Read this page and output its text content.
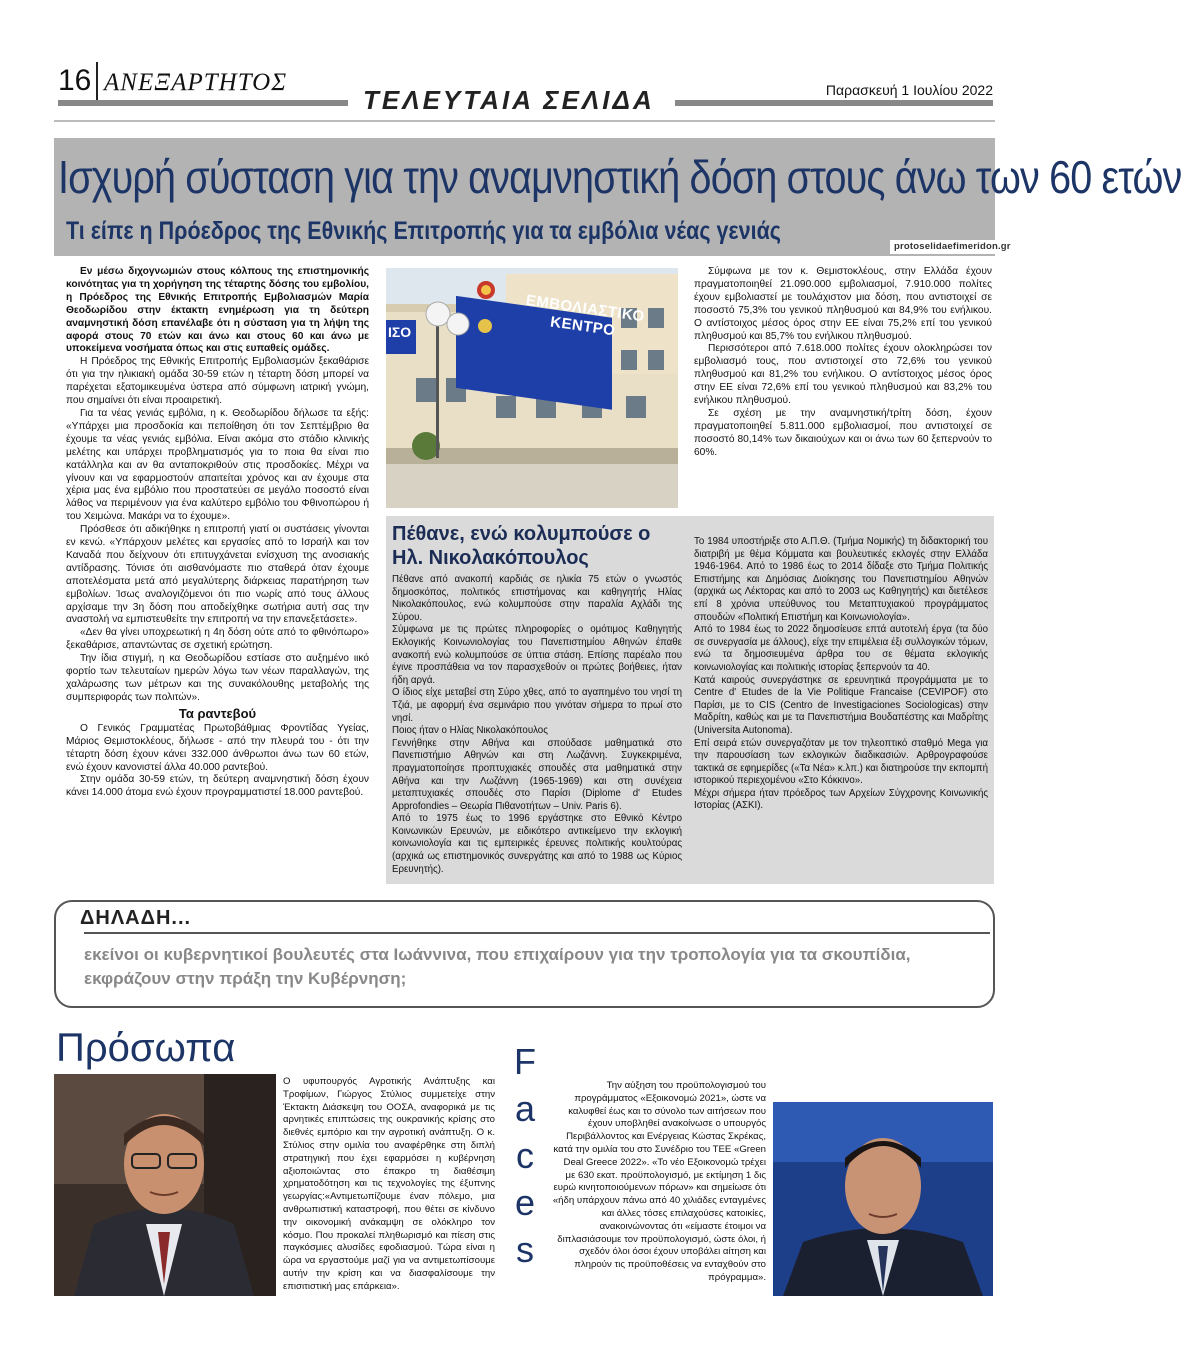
16 ΑΝΕΞΑΡΤΗΤΟΣ
ΤΕΛΕΥΤΑΙΑ ΣΕΛΙΔΑ	Παρασκευή 1 Ιουλίου 2022
Ισχυρή σύσταση για την αναμνηστική δόση στους άνω των 60 ετών
Τι είπε η Πρόεδρος της Εθνικής Επιτροπής για τα εμβόλια νέας γενιάς
protoselidaefimeridon.gr

Εν μέσω διχογνωμιών στους κόλπους της επιστημονικής κοινότητας για τη χορήγηση της τέταρτης δόσης του εμβολίου, η Πρόεδρος της Εθνικής Επιτροπής Εμβολιασμών Μαρία Θεοδωρίδου στην έκτακτη ενημέρωση για τη δεύτερη αναμνηστική δόση επανέλαβε ότι η σύσταση για τη λήψη της αφορά στους 70 ετών και άνω και στους 60 και άνω με υποκείμενα νοσήματα όπως και στις ευπαθείς ομάδες.

Η Πρόεδρος της Εθνικής Επιτροπής Εμβολιασμών ξεκαθάρισε ότι για την ηλικιακή ομάδα 30-59 ετών η τέταρτη δόση μπορεί να παρέχεται εξατομικευμένα ύστερα από σύμφωνη ιατρική γνώμη, που σημαίνει ότι είναι προαιρετική.

Για τα νέας γενιάς εμβόλια, η κ. Θεοδωρίδου δήλωσε τα εξής: «Υπάρχει μια προσδοκία και πεποίθηση ότι τον Σεπτέμβριο θα έχουμε τα νέας γενιάς εμβόλια. Είναι ακόμα στο στάδιο κλινικής μελέτης και υπάρχει προβληματισμός για το ποια θα είναι πιο κατάλληλα και αν θα ανταποκριθούν στις προσδοκίες. Μέχρι να γίνουν και να εφαρμοστούν απαιτείται χρόνος και αν έχουμε στα χέρια μας ένα εμβόλιο που προστατεύει σε μεγάλο ποσοστό είναι λάθος να περιμένουν για ένα καλύτερο εμβόλιο του Φθινοπώρου ή του Χειμώνα. Μακάρι να το έχουμε».

Πρόσθεσε ότι αδικήθηκε η επιτροπή γιατί οι συστάσεις γίνονται εν κενώ. «Υπάρχουν μελέτες και εργασίες από το Ισραήλ και τον Καναδά που δείχνουν ότι επιτυγχάνεται ενίσχυση της ανοσιακής αντίδρασης. Τόνισε ότι αισθανόμαστε πιο σταθερά όταν έχουμε αποτελέσματα μετά από μεγαλύτερης διάρκειας παρατήρηση των εμβολίων. Ίσως αναλογιζόμενοι ότι πιο νωρίς από τους άλλους αρχίσαμε την 3η δόση που αποδείχθηκε σωτήρια αυτή σας την αναστολή να εμπιστευθείτε την επιτροπή να την επανεξετάσετε».

«Δεν θα γίνει υποχρεωτική η 4η δόση ούτε από το φθινόπωρο» ξεκαθάρισε, απαντώντας σε σχετική ερώτηση.

Την ίδια στιγμή, η κα Θεοδωρίδου εστίασε στο αυξημένο ιικό φορτίο των τελευταίων ημερών λόγω των νέων παραλλαγών, της χαλάρωσης των μέτρων και της συνακόλουθης μεταβολής της συμπεριφοράς των πολιτών».

Τα ραντεβού

Ο Γενικός Γραμματέας Πρωτοβάθμιας Φροντίδας Υγείας, Μάριος Θεμιστοκλέους, δήλωσε - από την πλευρά του - ότι την τέταρτη δόση έχουν κάνει 332.000 άνθρωποι άνω των 60 ετών, ενώ έχουν κανονιστεί άλλα 40.000 ραντεβού.

Στην ομάδα 30-59 ετών, τη δεύτερη αναμνηστική δόση έχουν κάνει 14.000 άτομα ενώ έχουν προγραμματιστεί 18.000 ραντεβού.

ΕΜΒΟΛΙΑΣΤΙΚΟ ΚΕΝΤΡΟ
ΙΣΟ

Σύμφωνα με τον κ. Θεμιστοκλέους, στην Ελλάδα έχουν πραγματοποιηθεί 21.090.000 εμβολιασμοί, 7.910.000 πολίτες έχουν εμβολιαστεί με τουλάχιστον μια δόση, που αντιστοιχεί σε ποσοστό 75,3% του γενικού πληθυσμού και 84,9% του ενήλικου. Ο αντίστοιχος μέσος όρος στην ΕΕ είναι 75,2% επί του γενικού πληθυσμού και 85,7% του ενήλικου πληθυσμού.

Περισσότεροι από 7.618.000 πολίτες έχουν ολοκληρώσει τον εμβολιασμό τους, που αντιστοιχεί στο 72,6% του γενικού πληθυσμού και 81,2% του ενήλικου. Ο αντίστοιχος μέσος όρος στην ΕΕ είναι 72,6% επί του γενικού πληθυσμού και 83,2% του ενήλικου πληθυσμού.

Σε σχέση με την αναμνηστική/τρίτη δόση, έχουν πραγματοποιηθεί 5.811.000 εμβολιασμοί, που αντιστοιχεί σε ποσοστό 80,14% των δικαιούχων και οι άνω των 60 ξεπερνούν το 60%.

Πέθανε, ενώ κολυμπούσε ο Ηλ. Νικολακόπουλος

Πέθανε από ανακοπή καρδιάς σε ηλικία 75 ετών ο γνωστός δημοσκόπος, πολιτικός επιστήμονας και καθηγητής Ηλίας Νικολακόπουλος, ενώ κολυμπούσε στην παραλία Αχλάδι της Σύρου.

Σύμφωνα με τις πρώτες πληροφορίες ο ομότιμος Καθηγητής Εκλογικής Κοινωνιολογίας του Πανεπιστημίου Αθηνών έπαθε ανακοπή ενώ κολυμπούσε σε ύπτια στάση. Επίσης παρέαλο που έγινε προσπάθεια να τον παρασχεθούν οι πρώτες βοήθειες, ήταν ήδη αργά.

Ο ίδιος είχε μεταβεί στη Σύρο χθες, από το αγαπημένο του νησί τη Τζιά, με αφορμή ένα σεμινάριο που γινόταν σήμερα το πρωί στο νησί.

Ποιος ήταν ο Ηλίας Νικολακόπουλος

Γεννήθηκε στην Αθήνα και σπούδασε μαθηματικά στο Πανεπιστήμιο Αθηνών και στη Λωζάννη. Συγκεκριμένα, πραγματοποίησε προπτυχιακές σπουδές στα μαθηματικά στην Αθήνα και την Λωζάννη (1965-1969) και στη συνέχεια μεταπτυχιακές σπουδές στο Παρίσι (Diplome d' Etudes Approfondies – Θεωρία Πιθανοτήτων – Univ. Paris 6).

Από το 1975 έως το 1996 εργάστηκε στο Εθνικό Κέντρο Κοινωνικών Ερευνών, με ειδικότερο αντικείμενο την εκλογική κοινωνιολογία και τις εμπειρικές έρευνες πολιτικής κουλτούρας (αρχικά ως επιστημονικός συνεργάτης και από το 1988 ως Κύριος Ερευνητής).

Το 1984 υποστήριξε στο Α.Π.Θ. (Τμήμα Νομικής) τη διδακτορική του διατριβή με θέμα Κόμματα και βουλευτικές εκλογές στην Ελλάδα 1946-1964. Από το 1986 έως το 2014 δίδαξε στο Τμήμα Πολιτικής Επιστήμης και Δημόσιας Διοίκησης του Πανεπιστημίου Αθηνών (αρχικά ως Λέκτορας και από το 2003 ως Καθηγητής) και διετέλεσε επί 8 χρόνια υπεύθυνος του Μεταπτυχιακού προγράμματος σπουδών «Πολιτική Επιστήμη και Κοινωνιολογία».

Από το 1984 έως το 2022 δημοσίευσε επτά αυτοτελή έργα (τα δύο σε συνεργασία με άλλους), είχε την επιμέλεια έξι συλλογικών τόμων, ενώ τα δημοσιευμένα άρθρα του σε θέματα εκλογικής κοινωνιολογίας και πολιτικής ιστορίας ξεπερνούν τα 40.

Κατά καιρούς συνεργάστηκε σε ερευνητικά προγράμματα με το Centre d' Etudes de la Vie Politique Francaise (CEVIPOF) στο Παρίσι, με το CIS (Centro de Investigaciones Sociologicas) στην Μαδρίτη, καθώς και με τα Πανεπιστήμια Βουδαπέστης και Μαδρίτης (Universita Autonoma).

Επί σειρά ετών συνεργαζόταν με τον τηλεοπτικό σταθμό Mega για την παρουσίαση των εκλογικών διαδικασιών. Αρθρογραφούσε τακτικά σε εφημερίδες («Τα Νέα» κ.λπ.) και διατηρούσε την εκπομπή ιστορικού περιεχομένου «Στο Κόκκινο».

Μέχρι σήμερα ήταν πρόεδρος των Αρχείων Σύγχρονης Κοινωνικής Ιστορίας (ΑΣΚΙ).

ΔΗΛΑΔΗ...
εκείνοι οι κυβερνητικοί βουλευτές στα Ιωάννινα, που επιχαίρουν για την τροπολογία για τα σκουπίδια, εκφράζουν στην πράξη την Κυβέρνηση;
Πρόσωπα
Ο υφυπουργός Αγροτικής Ανάπτυξης και Τροφίμων, Γιώργος Στύλιος συμμετείχε στην Έκτακτη Διάσκεψη του ΟΟΣΑ, αναφορικά με τις αρνητικές επιπτώσεις της ουκρανικής κρίσης στο διεθνές εμπόριο και την αγροτική ανάπτυξη. Ο κ. Στύλιος στην ομιλία του αναφέρθηκε στη διπλή στρατηγική που έχει εφαρμόσει η κυβέρνηση αξιοποιώντας στο έπακρο τη διαθέσιμη χρηματοδότηση και τις τεχνολογίες της έξυπνης γεωργίας:«Αντιμετωπίζουμε έναν πόλεμο, μια ανθρωπιστική καταστροφή, που θέτει σε κίνδυνο την οικονομική ανάκαμψη σε ολόκληρο τον κόσμο. Που προκαλεί πληθωρισμό και πίεση στις παγκόσμιες αλυσίδες εφοδιασμού. Τώρα είναι η ώρα να εργαστούμε μαζί για να αντιμετωπίσουμε αυτήν την κρίση και να διασφαλίσουμε την επισιτιστική μας επάρκεια».
F
a
c
e
s
Την αύξηση του προϋπολογισμού του προγράμματος «Εξοικονομώ 2021», ώστε να καλυφθεί έως και το σύνολο των αιτήσεων που έχουν υποβληθεί ανακοίνωσε ο υπουργός Περιβάλλοντος και Ενέργειας Κώστας Σκρέκας, κατά την ομιλία του στο Συνέδριο του ΤΕΕ «Green Deal Greece 2022». «Το νέο Εξοικονομώ τρέχει με 630 εκατ. προϋπολογισμό, με εκτίμηση 1 δις ευρώ κινητοποιούμενων πόρων» και σημείωσε ότι «ήδη υπάρχουν πάνω από 40 χιλιάδες ενταγμένες και άλλες τόσες επιλαχούσες κατοικίες, ανακοινώνοντας ότι «είμαστε έτοιμοι να διπλασιάσουμε τον προϋπολογισμό, ώστε όλοι, ή σχεδόν όλοι όσοι έχουν υποβάλει αίτηση και πληρούν τις προϋποθέσεις να ενταχθούν στο πρόγραμμα».
